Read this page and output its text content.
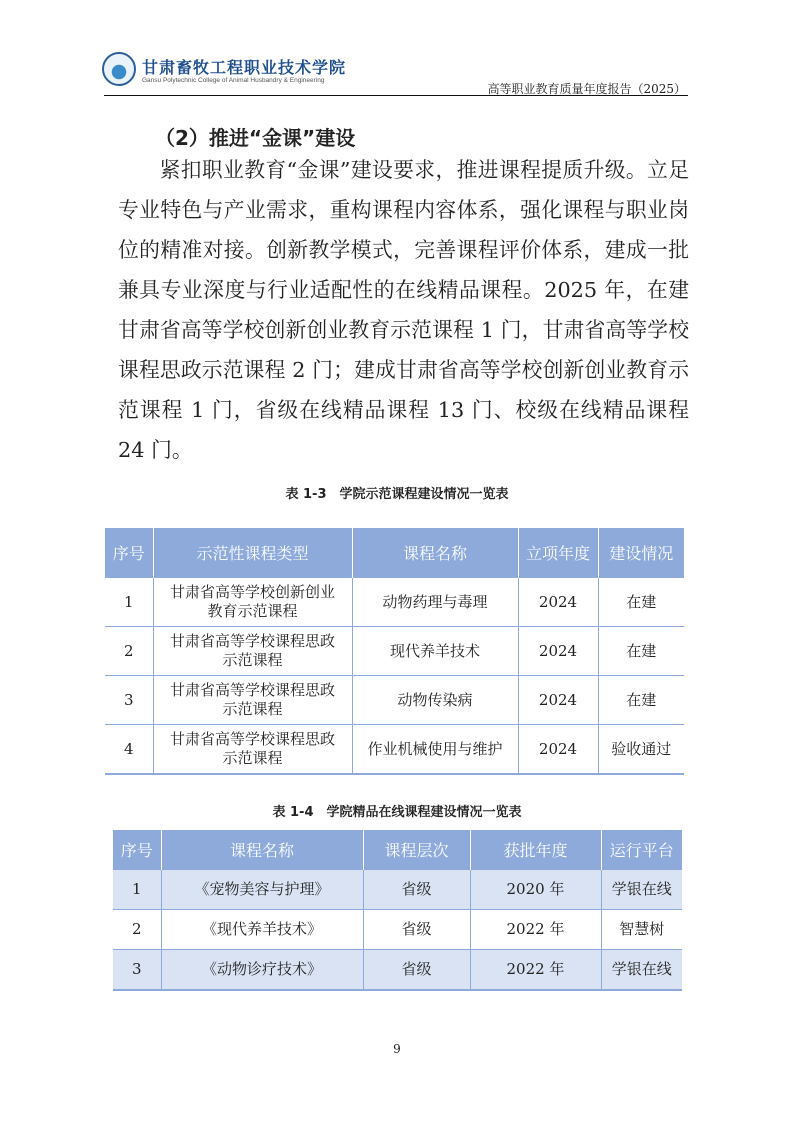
甘肃畜牧工程职业技术学院
Gansu Polytechnic College of Animal Husbandry & Engineering
高等职业教育质量年度报告（2025）
（2）推进“金课”建设
紧扣职业教育“金课”建设要求，推进课程提质升级。立足专业特色与产业需求，重构课程内容体系，强化课程与职业岗位的精准对接。创新教学模式，完善课程评价体系，建成一批兼具专业深度与行业适配性的在线精品课程。2025 年，在建甘肃省高等学校创新创业教育示范课程 1 门，甘肃省高等学校课程思政示范课程 2 门；建成甘肃省高等学校创新创业教育示范课程 1 门，省级在线精品课程 13 门、校级在线精品课程 24 门。
表 1-3　学院示范课程建设情况一览表
序号	示范性课程类型	课程名称	立项年度	建设情况
1	甘肃省高等学校创新创业教育示范课程	动物药理与毒理	2024	在建
2	甘肃省高等学校课程思政示范课程	现代养羊技术	2024	在建
3	甘肃省高等学校课程思政示范课程	动物传染病	2024	在建
4	甘肃省高等学校课程思政示范课程	作业机械使用与维护	2024	验收通过
表 1-4　学院精品在线课程建设情况一览表
序号	课程名称	课程层次	获批年度	运行平台
1	《宠物美容与护理》	省级	2020 年	学银在线
2	《现代养羊技术》	省级	2022 年	智慧树
3	《动物诊疗技术》	省级	2022 年	学银在线
9
